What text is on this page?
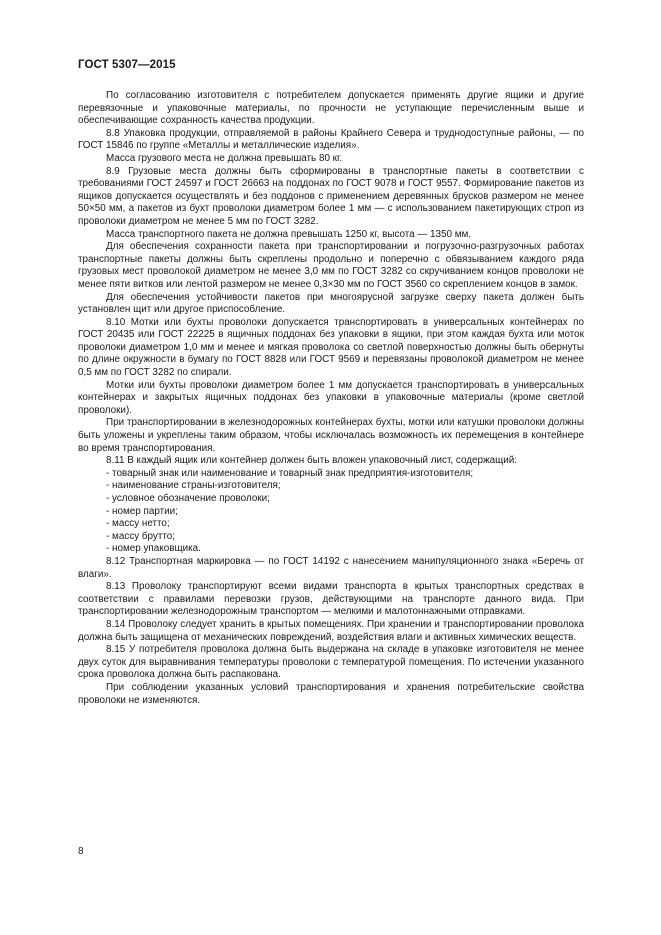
ГОСТ 5307—2015

По согласованию изготовителя с потребителем допускается применять другие ящики и другие перевязочные и упаковочные материалы, по прочности не уступающие перечисленным выше и обеспечивающие сохранность качества продукции.

8.8 Упаковка продукции, отправляемой в районы Крайнего Севера и труднодоступные районы, — по ГОСТ 15846 по группе «Металлы и металлические изделия».

Масса грузового места не должна превышать 80 кг.

8.9 Грузовые места должны быть сформированы в транспортные пакеты в соответствии с требованиями ГОСТ 24597 и ГОСТ 26663 на поддонах по ГОСТ 9078 и ГОСТ 9557. Формирование пакетов из ящиков допускается осуществлять и без поддонов с применением деревянных брусков размером не менее 50×50 мм, а пакетов из бухт проволоки диаметром более 1 мм — с использованием пакетирующих строп из проволоки диаметром не менее 5 мм по ГОСТ 3282.

Масса транспортного пакета не должна превышать 1250 кг, высота — 1350 мм.

Для обеспечения сохранности пакета при транспортировании и погрузочно-разгрузочных работах транспортные пакеты должны быть скреплены продольно и поперечно с обвязыванием каждого ряда грузовых мест проволокой диаметром не менее 3,0 мм по ГОСТ 3282 со скручиванием концов проволоки не менее пяти витков или лентой размером не менее 0,3×30 мм по ГОСТ 3560 со скреплением концов в замок.

Для обеспечения устойчивости пакетов при многоярусной загрузке сверху пакета должен быть установлен щит или другое приспособление.

8.10 Мотки или бухты проволоки допускается транспортировать в универсальных контейнерах по ГОСТ 20435 или ГОСТ 22225 в ящичных поддонах без упаковки в ящики, при этом каждая бухта или моток проволоки диаметром 1,0 мм и менее и мягкая проволока со светлой поверхностью должны быть обернуты по длине окружности в бумагу по ГОСТ 8828 или ГОСТ 9569 и перевязаны проволокой диаметром не менее 0,5 мм по ГОСТ 3282 по спирали.

Мотки или бухты проволоки диаметром более 1 мм допускается транспортировать в универсальных контейнерах и закрытых ящичных поддонах без упаковки в упаковочные материалы (кроме светлой проволоки).

При транспортировании в железнодорожных контейнерах бухты, мотки или катушки проволоки должны быть уложены и укреплены таким образом, чтобы исключалась возможность их перемещения в контейнере во время транспортирования.

8.11 В каждый ящик или контейнер должен быть вложен упаковочный лист, содержащий:

- товарный знак или наименование и товарный знак предприятия-изготовителя;

- наименование страны-изготовителя;

- условное обозначение проволоки;

- номер партии;

- массу нетто;

- массу брутто;

- номер упаковщика.

8.12 Транспортная маркировка — по ГОСТ 14192 с нанесением манипуляционного знака «Беречь от влаги».

8.13 Проволоку транспортируют всеми видами транспорта в крытых транспортных средствах в соответствии с правилами перевозки грузов, действующими на транспорте данного вида. При транспортировании железнодорожным транспортом — мелкими и малотоннажными отправками.

8.14 Проволоку следует хранить в крытых помещениях. При хранении и транспортировании проволока должна быть защищена от механических повреждений, воздействия влаги и активных химических веществ.

8.15 У потребителя проволока должна быть выдержана на складе в упаковке изготовителя не менее двух суток для выравнивания температуры проволоки с температурой помещения. По истечении указанного срока проволока должна быть распакована.

При соблюдении указанных условий транспортирования и хранения потребительские свойства проволоки не изменяются.

8
